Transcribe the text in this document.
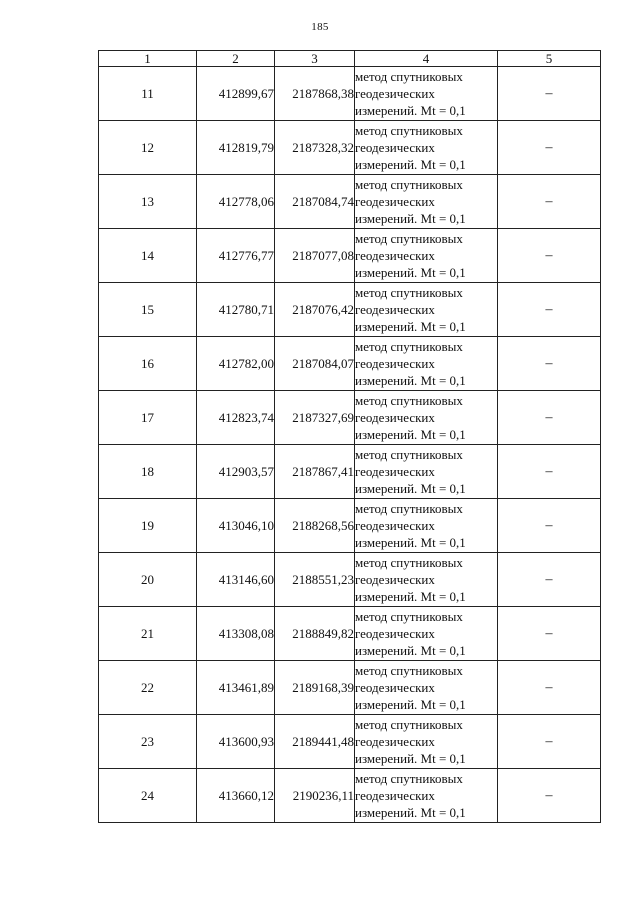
185
1	2	3	4	5
11	412899,67	2187868,38	метод спутниковых
геодезических
измерений. Mt = 0,1	–
12	412819,79	2187328,32	метод спутниковых
геодезических
измерений. Mt = 0,1	–
13	412778,06	2187084,74	метод спутниковых
геодезических
измерений. Mt = 0,1	–
14	412776,77	2187077,08	метод спутниковых
геодезических
измерений. Mt = 0,1	–
15	412780,71	2187076,42	метод спутниковых
геодезических
измерений. Mt = 0,1	–
16	412782,00	2187084,07	метод спутниковых
геодезических
измерений. Mt = 0,1	–
17	412823,74	2187327,69	метод спутниковых
геодезических
измерений. Mt = 0,1	–
18	412903,57	2187867,41	метод спутниковых
геодезических
измерений. Mt = 0,1	–
19	413046,10	2188268,56	метод спутниковых
геодезических
измерений. Mt = 0,1	–
20	413146,60	2188551,23	метод спутниковых
геодезических
измерений. Mt = 0,1	–
21	413308,08	2188849,82	метод спутниковых
геодезических
измерений. Mt = 0,1	–
22	413461,89	2189168,39	метод спутниковых
геодезических
измерений. Mt = 0,1	–
23	413600,93	2189441,48	метод спутниковых
геодезических
измерений. Mt = 0,1	–
24	413660,12	2190236,11	метод спутниковых
геодезических
измерений. Mt = 0,1	–
